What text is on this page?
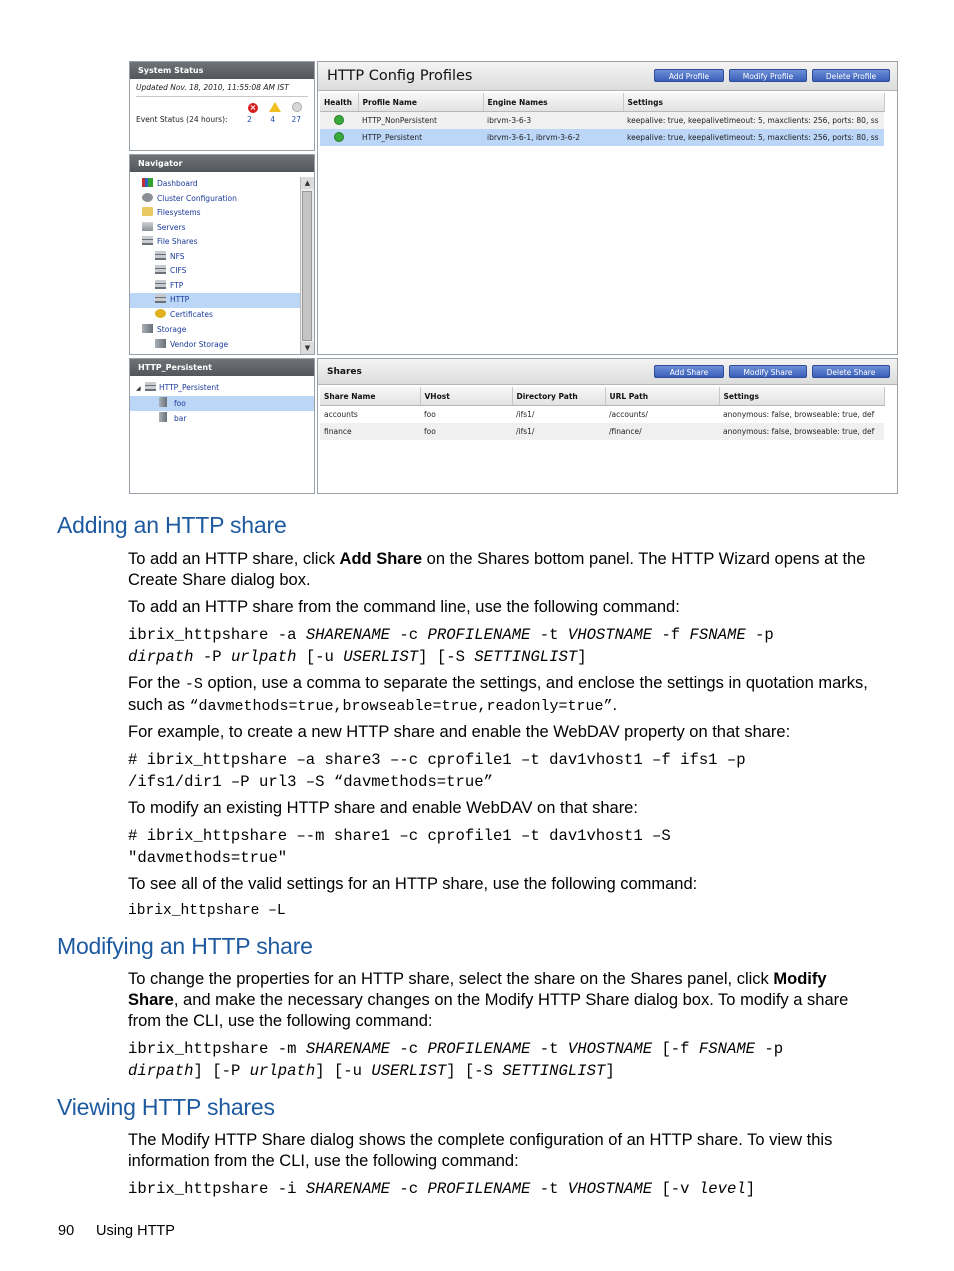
System Status
Updated Nov. 18, 2010, 11:55:08 AM IST
×
Event Status (24 hours):	2	4	27
Navigator
Dashboard
Cluster Configuration
Filesystems
Servers
File Shares
NFS
CIFS
FTP
HTTP
Certificates
Storage
Vendor Storage
▲
▼
HTTP_Persistent
◢ HTTP_Persistent
foo
bar
HTTP Config Profiles	Add Profile	Modify Profile	Delete Profile
Health	Profile Name	Engine Names	Settings
	HTTP_NonPersistent	ibrvm-3-6-3	keepalive: true, keepalivetimeout: 5, maxclients: 256, ports: 80, ss
	HTTP_Persistent	ibrvm-3-6-1, ibrvm-3-6-2	keepalive: true, keepalivetimeout: 5, maxclients: 256, ports: 80, ss
Shares	Add Share	Modify Share	Delete Share
Share Name	VHost	Directory Path	URL Path	Settings
accounts	foo	/ifs1/	/accounts/	anonymous: false, browseable: true, def
finance	foo	/ifs1/	/finance/	anonymous: false, browseable: true, def
Adding an HTTP share

To add an HTTP share, click Add Share on the Shares bottom panel. The HTTP Wizard opens at the Create Share dialog box.

To add an HTTP share from the command line, use the following command:

ibrix_httpshare -a SHARENAME -c PROFILENAME -t VHOSTNAME -f FSNAME -p
dirpath -P urlpath [-u USERLIST] [-S SETTINGLIST]

For the -S option, use a comma to separate the settings, and enclose the settings in quotation marks, such as “davmethods=true,browseable=true,readonly=true”.

For example, to create a new HTTP share and enable the WebDAV property on that share:

# ibrix_httpshare –a share3 –-c cprofile1 –t dav1vhost1 –f ifs1 –p
/ifs1/dir1 –P url3 –S “davmethods=true”

To modify an existing HTTP share and enable WebDAV on that share:

# ibrix_httpshare –-m share1 –c cprofile1 –t dav1vhost1 –S
"davmethods=true"

To see all of the valid settings for an HTTP share, use the following command:

ibrix_httpshare –L
Modifying an HTTP share

To change the properties for an HTTP share, select the share on the Shares panel, click Modify Share, and make the necessary changes on the Modify HTTP Share dialog box. To modify a share from the CLI, use the following command:

ibrix_httpshare -m SHARENAME -c PROFILENAME -t VHOSTNAME [-f FSNAME -p
dirpath] [-P urlpath] [-u USERLIST] [-S SETTINGLIST]
Viewing HTTP shares

The Modify HTTP Share dialog shows the complete configuration of an HTTP share. To view this information from the CLI, use the following command:

ibrix_httpshare -i SHARENAME -c PROFILENAME -t VHOSTNAME [-v level]
90 Using HTTP
